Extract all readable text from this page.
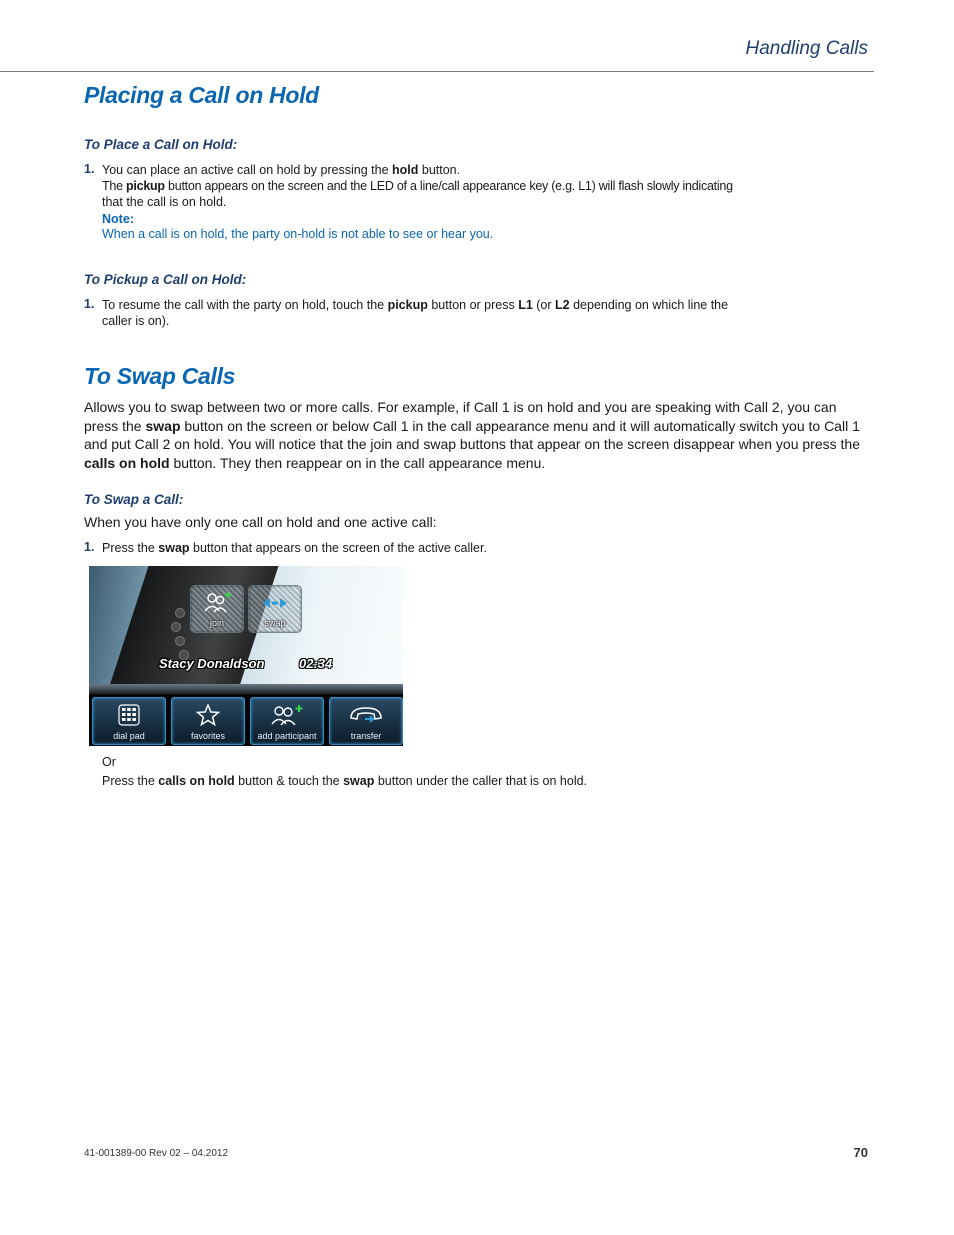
Handling Calls
Placing a Call on Hold
To Place a Call on Hold:
1. You can place an active call on hold by pressing the hold button.
The pickup button appears on the screen and the LED of a line/call appearance key (e.g. L1) will flash slowly indicating
that the call is on hold.
Note:
When a call is on hold, the party on-hold is not able to see or hear you.
To Pickup a Call on Hold:
1. To resume the call with the party on hold, touch the pickup button or press L1 (or L2 depending on which line the
caller is on).
To Swap Calls
Allows you to swap between two or more calls. For example, if Call 1 is on hold and you are speaking with Call 2, you can press the swap button on the screen or below Call 1 in the call appearance menu and it will automatically switch you to Call 1 and put Call 2 on hold. You will notice that the join and swap buttons that appear on the screen disappear when you press the calls on hold button. They then reappear on in the call appearance menu.
To Swap a Call:
When you have only one call on hold and one active call:
1. Press the swap button that appears on the screen of the active caller.
join	swap
Stacy Donaldson	02:34
dial pad	favorites	add participant	transfer
Or
Press the calls on hold button & touch the swap button under the caller that is on hold.
41-001389-00 Rev 02 – 04.2012	70
